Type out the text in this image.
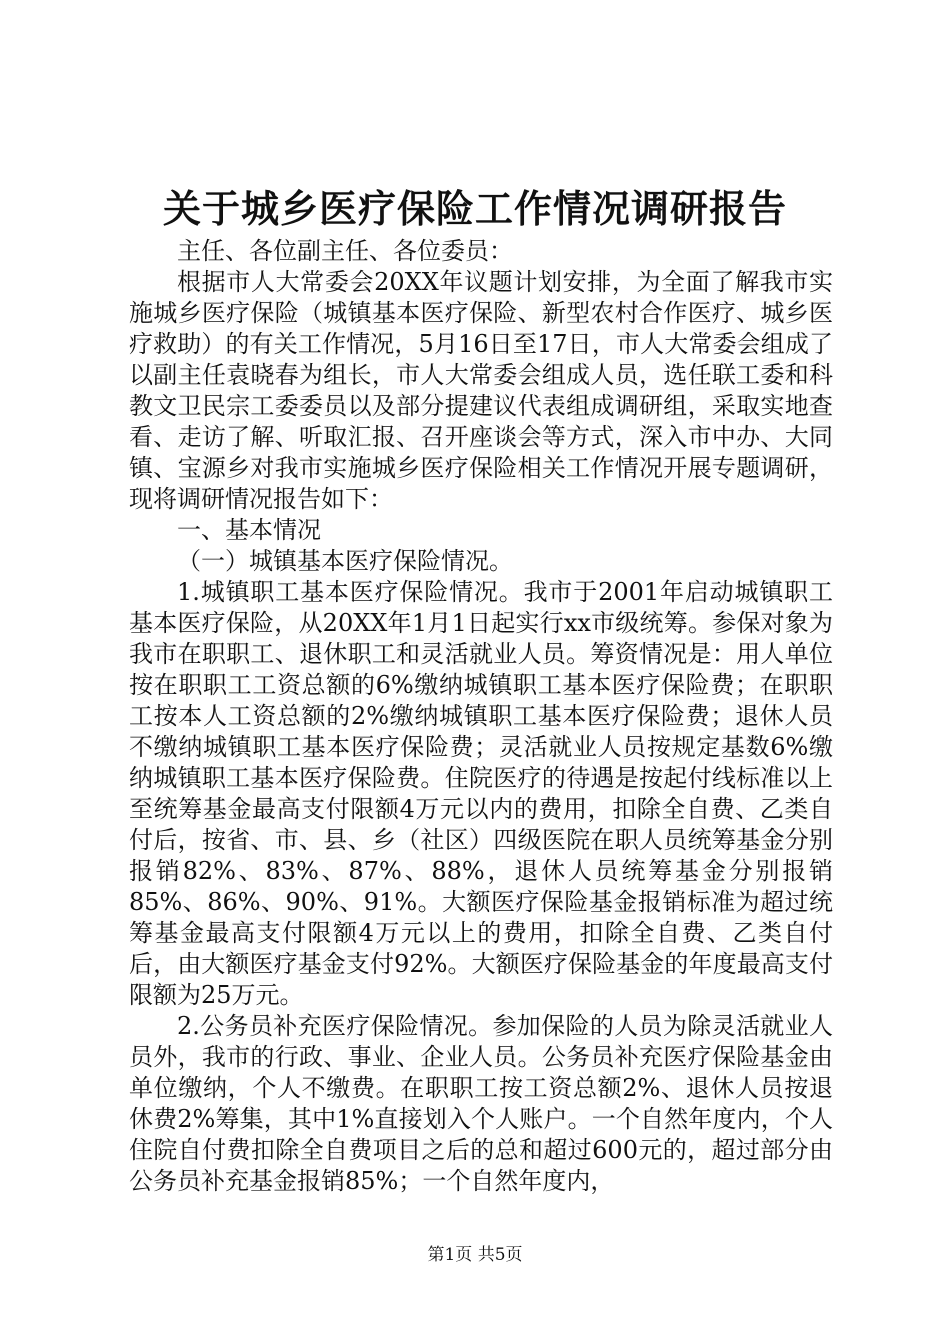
关于城乡医疗保险工作情况调研报告

主任、各位副主任、各位委员：

根据市人大常委会20XX年议题计划安排，为全面了解我市实施城乡医疗保险（城镇基本医疗保险、新型农村合作医疗、城乡医疗救助）的有关工作情况，5月16日至17日，市人大常委会组成了以副主任袁晓春为组长，市人大常委会组成人员，选任联工委和科教文卫民宗工委委员以及部分提建议代表组成调研组，采取实地查看、走访了解、听取汇报、召开座谈会等方式，深入市中办、大同镇、宝源乡对我市实施城乡医疗保险相关工作情况开展专题调研，现将调研情况报告如下：

一、基本情况

（一）城镇基本医疗保险情况。

1.城镇职工基本医疗保险情况。我市于2001年启动城镇职工基本医疗保险，从20XX年1月1日起实行xx市级统筹。参保对象为我市在职职工、退休职工和灵活就业人员。筹资情况是：用人单位按在职职工工资总额的6%缴纳城镇职工基本医疗保险费；在职职工按本人工资总额的2%缴纳城镇职工基本医疗保险费；退休人员不缴纳城镇职工基本医疗保险费；灵活就业人员按规定基数6%缴纳城镇职工基本医疗保险费。住院医疗的待遇是按起付线标准以上至统筹基金最高支付限额4万元以内的费用，扣除全自费、乙类自付后，按省、市、县、乡（社区）四级医院在职人员统筹基金分别报销82%、83%、87%、88%，退休人员统筹基金分别报销85%、86%、90%、91%。大额医疗保险基金报销标准为超过统筹基金最高支付限额4万元以上的费用，扣除全自费、乙类自付后，由大额医疗基金支付92%。大额医疗保险基金的年度最高支付限额为25万元。

2.公务员补充医疗保险情况。参加保险的人员为除灵活就业人员外，我市的行政、事业、企业人员。公务员补充医疗保险基金由单位缴纳，个人不缴费。在职职工按工资总额2%、退休人员按退休费2%筹集，其中1%直接划入个人账户。一个自然年度内，个人住院自付费扣除全自费项目之后的总和超过600元的，超过部分由公务员补充基金报销85%；一个自然年度内，

第1页 共5页
